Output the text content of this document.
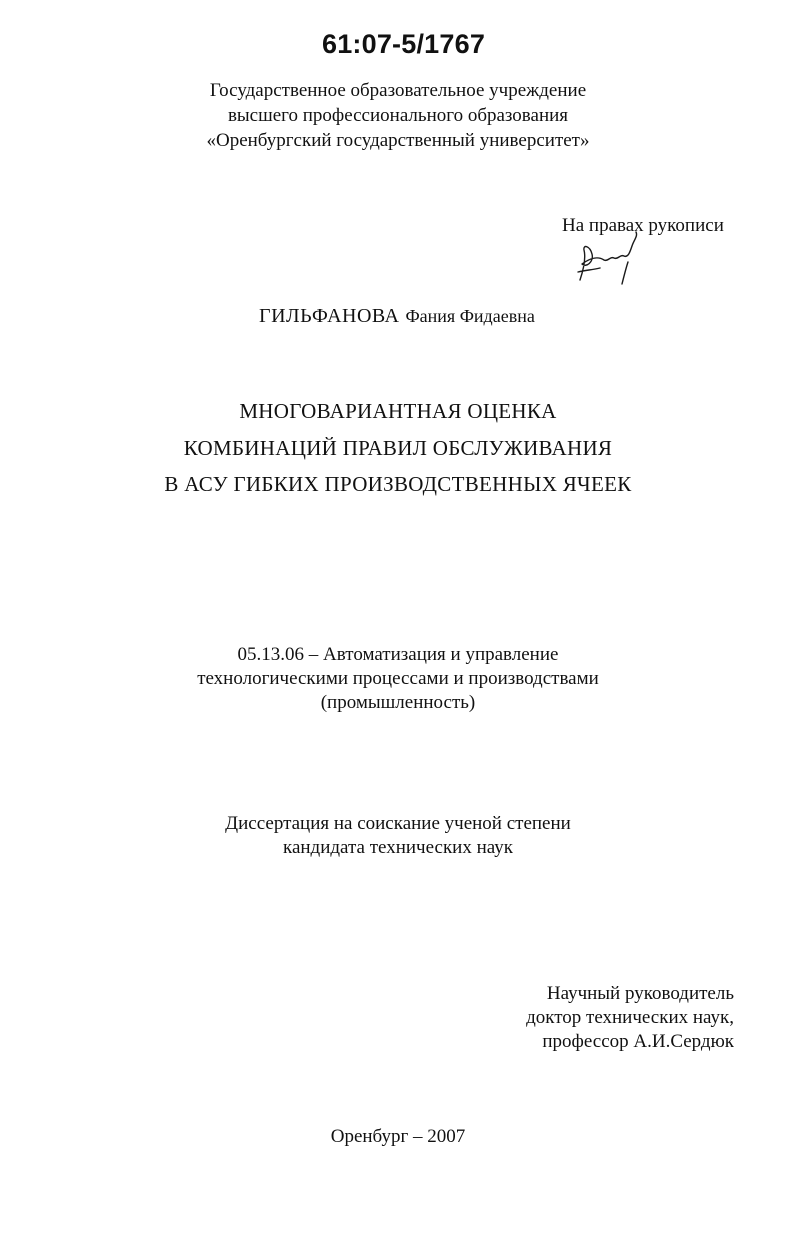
61:07-5/1767
Государственное образовательное учреждение
высшего профессионального образования
«Оренбургский государственный университет»
На правах рукописи
ГИЛЬФАНОВА Фания Фидаевна
МНОГОВАРИАНТНАЯ ОЦЕНКА
КОМБИНАЦИЙ ПРАВИЛ ОБСЛУЖИВАНИЯ
В АСУ ГИБКИХ ПРОИЗВОДСТВЕННЫХ ЯЧЕЕК
05.13.06 – Автоматизация и управление
технологическими процессами и производствами
(промышленность)
Диссертация на соискание ученой степени
кандидата технических наук
Научный руководитель
доктор технических наук,
профессор А.И.Сердюк
Оренбург – 2007
